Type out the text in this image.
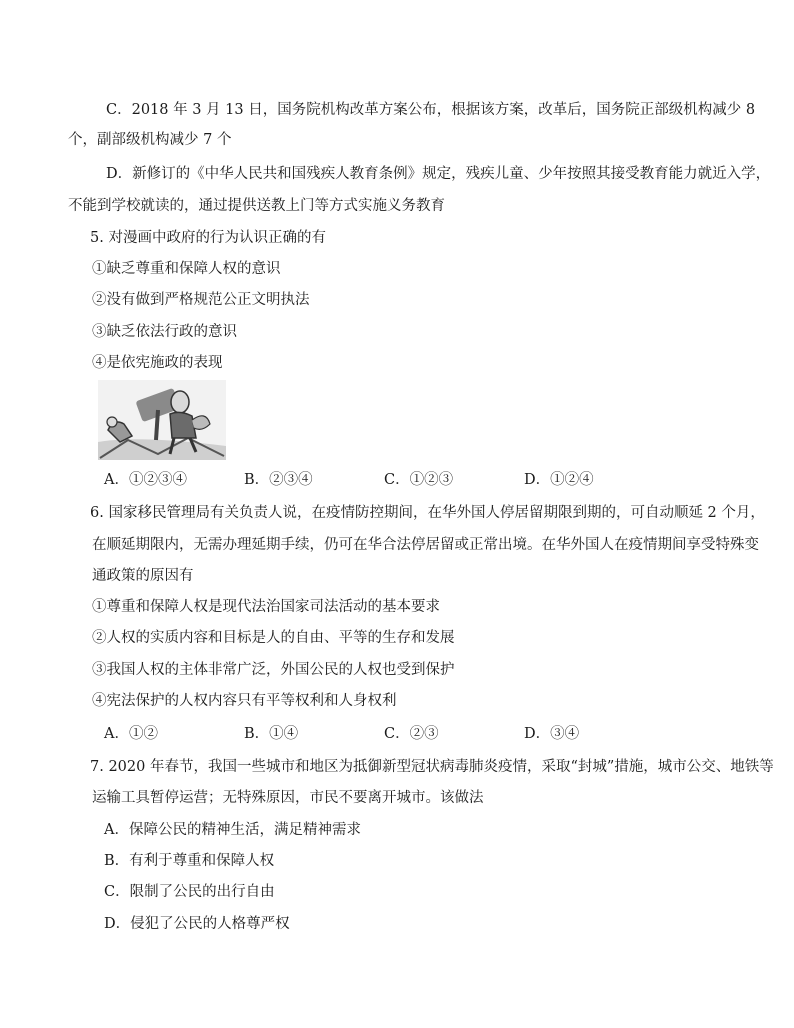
C．2018 年 3 月 13 日，国务院机构改革方案公布，根据该方案，改革后，国务院正部级机构减少 8
个，副部级机构减少 7 个
D．新修订的《中华人民共和国残疾人教育条例》规定，残疾儿童、少年按照其接受教育能力就近入学，
不能到学校就读的，通过提供送教上门等方式实施义务教育
5. 对漫画中政府的行为认识正确的有
①缺乏尊重和保障人权的意识
②没有做到严格规范公正文明执法
③缺乏依法行政的意识
④是依宪施政的表现
A．①②③④	B．②③④	C．①②③	D．①②④
6. 国家移民管理局有关负责人说，在疫情防控期间，在华外国人停居留期限到期的，可自动顺延 2 个月，
在顺延期限内，无需办理延期手续，仍可在华合法停居留或正常出境。在华外国人在疫情期间享受特殊变
通政策的原因有
①尊重和保障人权是现代法治国家司法活动的基本要求
②人权的实质内容和目标是人的自由、平等的生存和发展
③我国人权的主体非常广泛，外国公民的人权也受到保护
④宪法保护的人权内容只有平等权利和人身权利
A．①②	B．①④	C．②③	D．③④
7. 2020 年春节，我国一些城市和地区为抵御新型冠状病毒肺炎疫情，采取“封城”措施，城市公交、地铁等
运输工具暂停运营；无特殊原因，市民不要离开城市。该做法
A．保障公民的精神生活，满足精神需求
B．有利于尊重和保障人权
C．限制了公民的出行自由
D．侵犯了公民的人格尊严权
